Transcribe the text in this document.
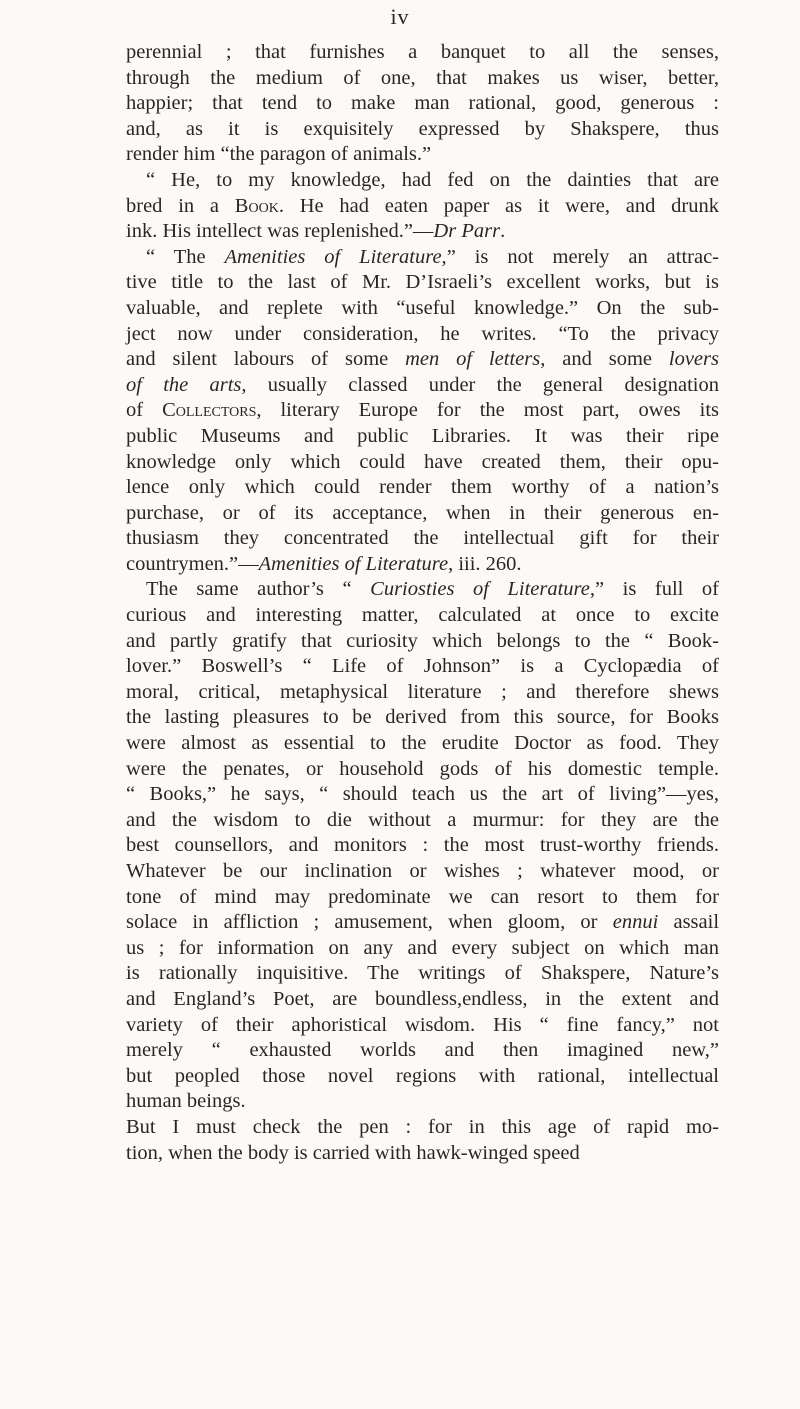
iv
perennial ; that furnishes a banquet to all the senses,
through the medium of one, that makes us wiser, better,
happier; that tend to make man rational, good, generous :
and, as it is exquisitely expressed by Shakspere, thus
render him “the paragon of animals.”
“ He, to my knowledge, had fed on the dainties that are
bred in a Book. He had eaten paper as it were, and drunk
ink. His intellect was replenished.”—Dr Parr.
“ The Amenities of Literature,” is not merely an attrac-
tive title to the last of Mr. D’Israeli’s excellent works, but is
valuable, and replete with “useful knowledge.” On the sub-
ject now under consideration, he writes. “To the privacy
and silent labours of some men of letters, and some lovers
of the arts, usually classed under the general designation
of Collectors, literary Europe for the most part, owes its
public Museums and public Libraries. It was their ripe
knowledge only which could have created them, their opu-
lence only which could render them worthy of a nation’s
purchase, or of its acceptance, when in their generous en-
thusiasm they concentrated the intellectual gift for their
countrymen.”—Amenities of Literature, iii. 260.
The same author’s “ Curiosties of Literature,” is full of
curious and interesting matter, calculated at once to excite
and partly gratify that curiosity which belongs to the “ Book-
lover.” Boswell’s “ Life of Johnson” is a Cyclopædia of
moral, critical, metaphysical literature ; and therefore shews
the lasting pleasures to be derived from this source, for Books
were almost as essential to the erudite Doctor as food. They
were the penates, or household gods of his domestic temple.
“ Books,” he says, “ should teach us the art of living”—yes,
and the wisdom to die without a murmur: for they are the
best counsellors, and monitors : the most trust-worthy friends.
Whatever be our inclination or wishes ; whatever mood, or
tone of mind may predominate we can resort to them for
solace in affliction ; amusement, when gloom, or ennui assail
us ; for information on any and every subject on which man
is rationally inquisitive. The writings of Shakspere, Nature’s
and England’s Poet, are boundless,endless, in the extent and
variety of their aphoristical wisdom. His “ fine fancy,” not
merely “ exhausted worlds and then imagined new,”
but peopled those novel regions with rational, intellectual
human beings.
But I must check the pen : for in this age of rapid mo-
tion, when the body is carried with hawk-winged speed
